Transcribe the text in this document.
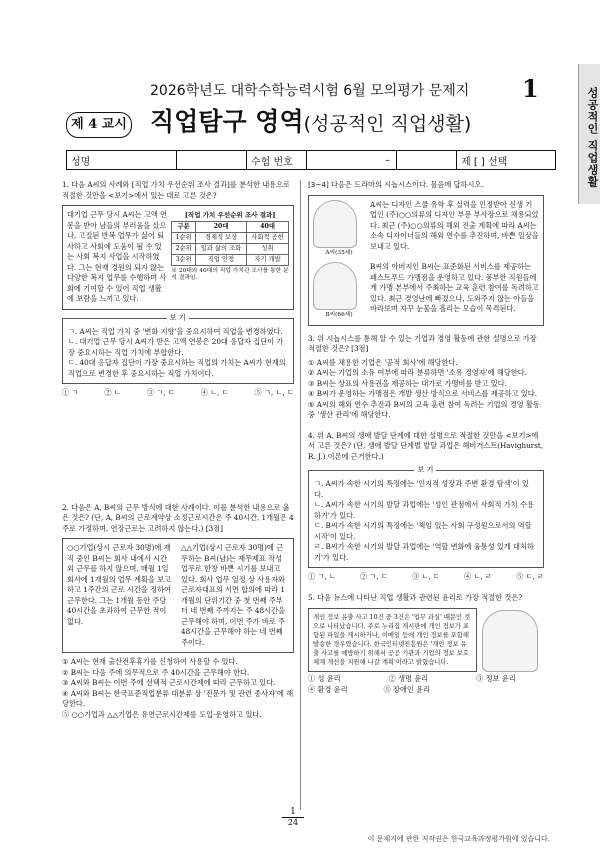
2026학년도 대학수학능력시험 6월 모의평가 문제지 1	성공적인 직업생활
제 4 교시 직업탐구 영역(성공적인 직업생활)
성명	수험 번호	–	제 [ ] 선택
1. 다음 A씨의 사례와 [직업 가치 우선순위 조사 결과]를 분석한 내용으로 적절한 것만을 <보기>에서 있는 대로 고른 것은?
대기업 근무 당시 A씨는 고액 연봉을 받아 남들의 부러움을 샀으나, 고질된 반복 업무가 싫어 퇴사하고 사회에 도움이 될 수 있는 사회 복지 사업을 시작하였다. 그는 현재 경원의 되지 않는 다양한 복지 업무를 수행하며 사회에 기여할 수 있어 직업 생활에 보람을 느끼고 있다.
[직업 가치 우선순위 조사 결과]
구분	20대	40대
1순위	경제적 보상	사회적 공헌
2순위	일과 삶의 조화	성취
3순위	직업 안정	자기 개발
※ 20대와 40대의 직업 가치관 조사를 통한 분석 결과임.
보 기
ㄱ. A씨는 직업 가치 중 '변화 지향'을 중요시하여 직업을 변경하였다.
ㄴ. 대기업 근무 당시 A씨가 받은 고액 연봉은 20대 응답자 집단이 가장 중요시하는 직업 가치에 부합한다.
ㄷ. 40대 응답자 집단이 가장 중요시하는 직업의 가치는 A씨가 현재의 직업으로 변경한 후 중요시하는 직업 가치이다.
① ㄱ	② ㄴ	③ ㄱ, ㄷ	④ ㄴ, ㄷ	⑤ ㄱ, ㄴ, ㄷ
2. 다음은 A, B씨의 근무 방식에 대한 사례이다. 이를 분석한 내용으로 옳은 것은? (단, A, B씨의 근로계약상 소정근로시간은 주 40시간, 1개월은 4주로 가정하며, 연장근로는 고려하지 않는다.) [3점]
○○기업(상시 근로자 30명)에 재직 중인 B씨는 회사 내에서 시간 외 근무를 하지 않으며, 매월 1일 회사에 1개월의 업무 계획을 보고하고 1주간의 근로 시간을 정하여 근무한다. 그는 1개월 동안 주당 40시간을 초과하여 근무한 적이 없다.
△△기업(상시 근로자 30명)에 근무하는 B씨(남)는 재무제표 작성 업무로 한창 바쁜 시기를 보내고 있다. 회사 업무 일정 상 사용자와 근로자대표의 서면 합의에 따라 1개월의 단위기간 중 첫 번째 주부터 네 번째 주까지는 주 48시간을 근무해야 하며, 이번 주가 바로 주 48시간을 근무해야 하는 네 번째 주이다.
① A씨는 현재 출산전후휴가를 신청하여 사용할 수 있다.
② B씨는 다음 주에 의무적으로 주 40시간을 근무해야 한다.
③ A씨와 B씨는 이번 주에 선택적 근로시간제에 따라 근무하고 있다.
④ A씨와 B씨는 한국표준직업분류 대분류 상 '전문가 및 관련 종사자'에 해당한다.
⑤ ○○기업과 △△기업은 유연근로시간제를 도입·운영하고 있다.
[3~4] 다음은 드라마의 시놉시스이다. 물음에 답하시오.
A씨(35세)
A씨는 디자인 스쿨 유학 후 실력을 인정받아 신생 기업인 (주)○○의류의 디자인 부문 부사장으로 채용되었다. 최근 (주)○○의류의 해외 진출 계획에 따라 A씨는 소속 디자이너들의 해외 연수를 추진하며, 바쁜 일상을 보내고 있다.
B씨(66세)
B씨의 아버지인 B씨는 표준화된 서비스를 제공하는 패스트푸드 가맹점을 운영하고 있다. 풍부한 직원들에게 가맹 본부에서 주최하는 교육 훈련 참여를 독려하고 있다. 최근 경영난에 빠졌으나, 도와주지 않는 아들을 바라보며 자꾸 눈물을 흘리는 모습이 목격된다.
3. 위 시놉시스를 통해 알 수 있는 기업과 경영 활동에 관한 설명으로 가장 적절한 것은? [3점]
① A씨를 채용한 기업은 '공적 회사'에 해당한다.
② A씨는 기업의 소유 여부에 따라 분류하면 '소유 경영자'에 해당한다.
③ B씨는 상표의 사용권을 제공하는 대가로 가맹비를 받고 있다.
④ B씨가 운영하는 가맹점은 개발 생산 방식으로 서비스를 제공하고 있다.
⑤ A씨의 해외 연수 추진과 B씨의 교육 훈련 참여 독려는 기업의 경영 활동 중 '생산 관리'에 해당한다.
4. 위 A, B씨의 생애 발달 단계에 대한 설명으로 적절한 것만을 <보기>에서 고른 것은? (단, 생애 발달 단계별 발달 과업은 해비거스트(Havighurst, R. J.) 이론에 근거한다.)
보 기
ㄱ. A씨가 속한 시기의 특징에는 '인지적 성장과 주변 환경 탐색'이 있다.
ㄴ. A씨가 속한 시기의 발달 과업에는 '성인 관점에서 사회적 가치 수용하기'가 있다.
ㄷ. B씨가 속한 시기의 특징에는 '책임 있는 사회 구성원으로서의 역할 시작'이 있다.
ㄹ. B씨가 속한 시기의 발달 과업에는 '역할 변화에 융통성 있게 대처하기'가 있다.
① ㄱ, ㄴ	② ㄱ, ㄷ	③ ㄴ, ㄷ	④ ㄴ, ㄹ	⑤ ㄷ, ㄹ
5. 다음 뉴스에 나타난 직업 생활과 관련된 윤리로 가장 적절한 것은?
개인 정보 유출 사고 10건 중 3건은 '업무 과실' 때문인 것으로 나타났습니다. 주로 누리집 게시판에 개인 정보가 포함된 파일을 게시하거나, 이메일 등에 개인 정보를 포함해 발송한 경우였습니다. 한국인터넷진흥원은 '개인 정보 유출 사고를 예방하기 위해서 공공 기관과 기업의 정보 보호 체계 개선을 지원해 나갈 계획'이라고 밝혔습니다.
① 성 윤리	② 생명 윤리	③ 정보 윤리
④ 환경 윤리	⑤ 장애인 윤리
1
24
이 문제지에 관한 저작권은 한국교육과정평가원에 있습니다.
